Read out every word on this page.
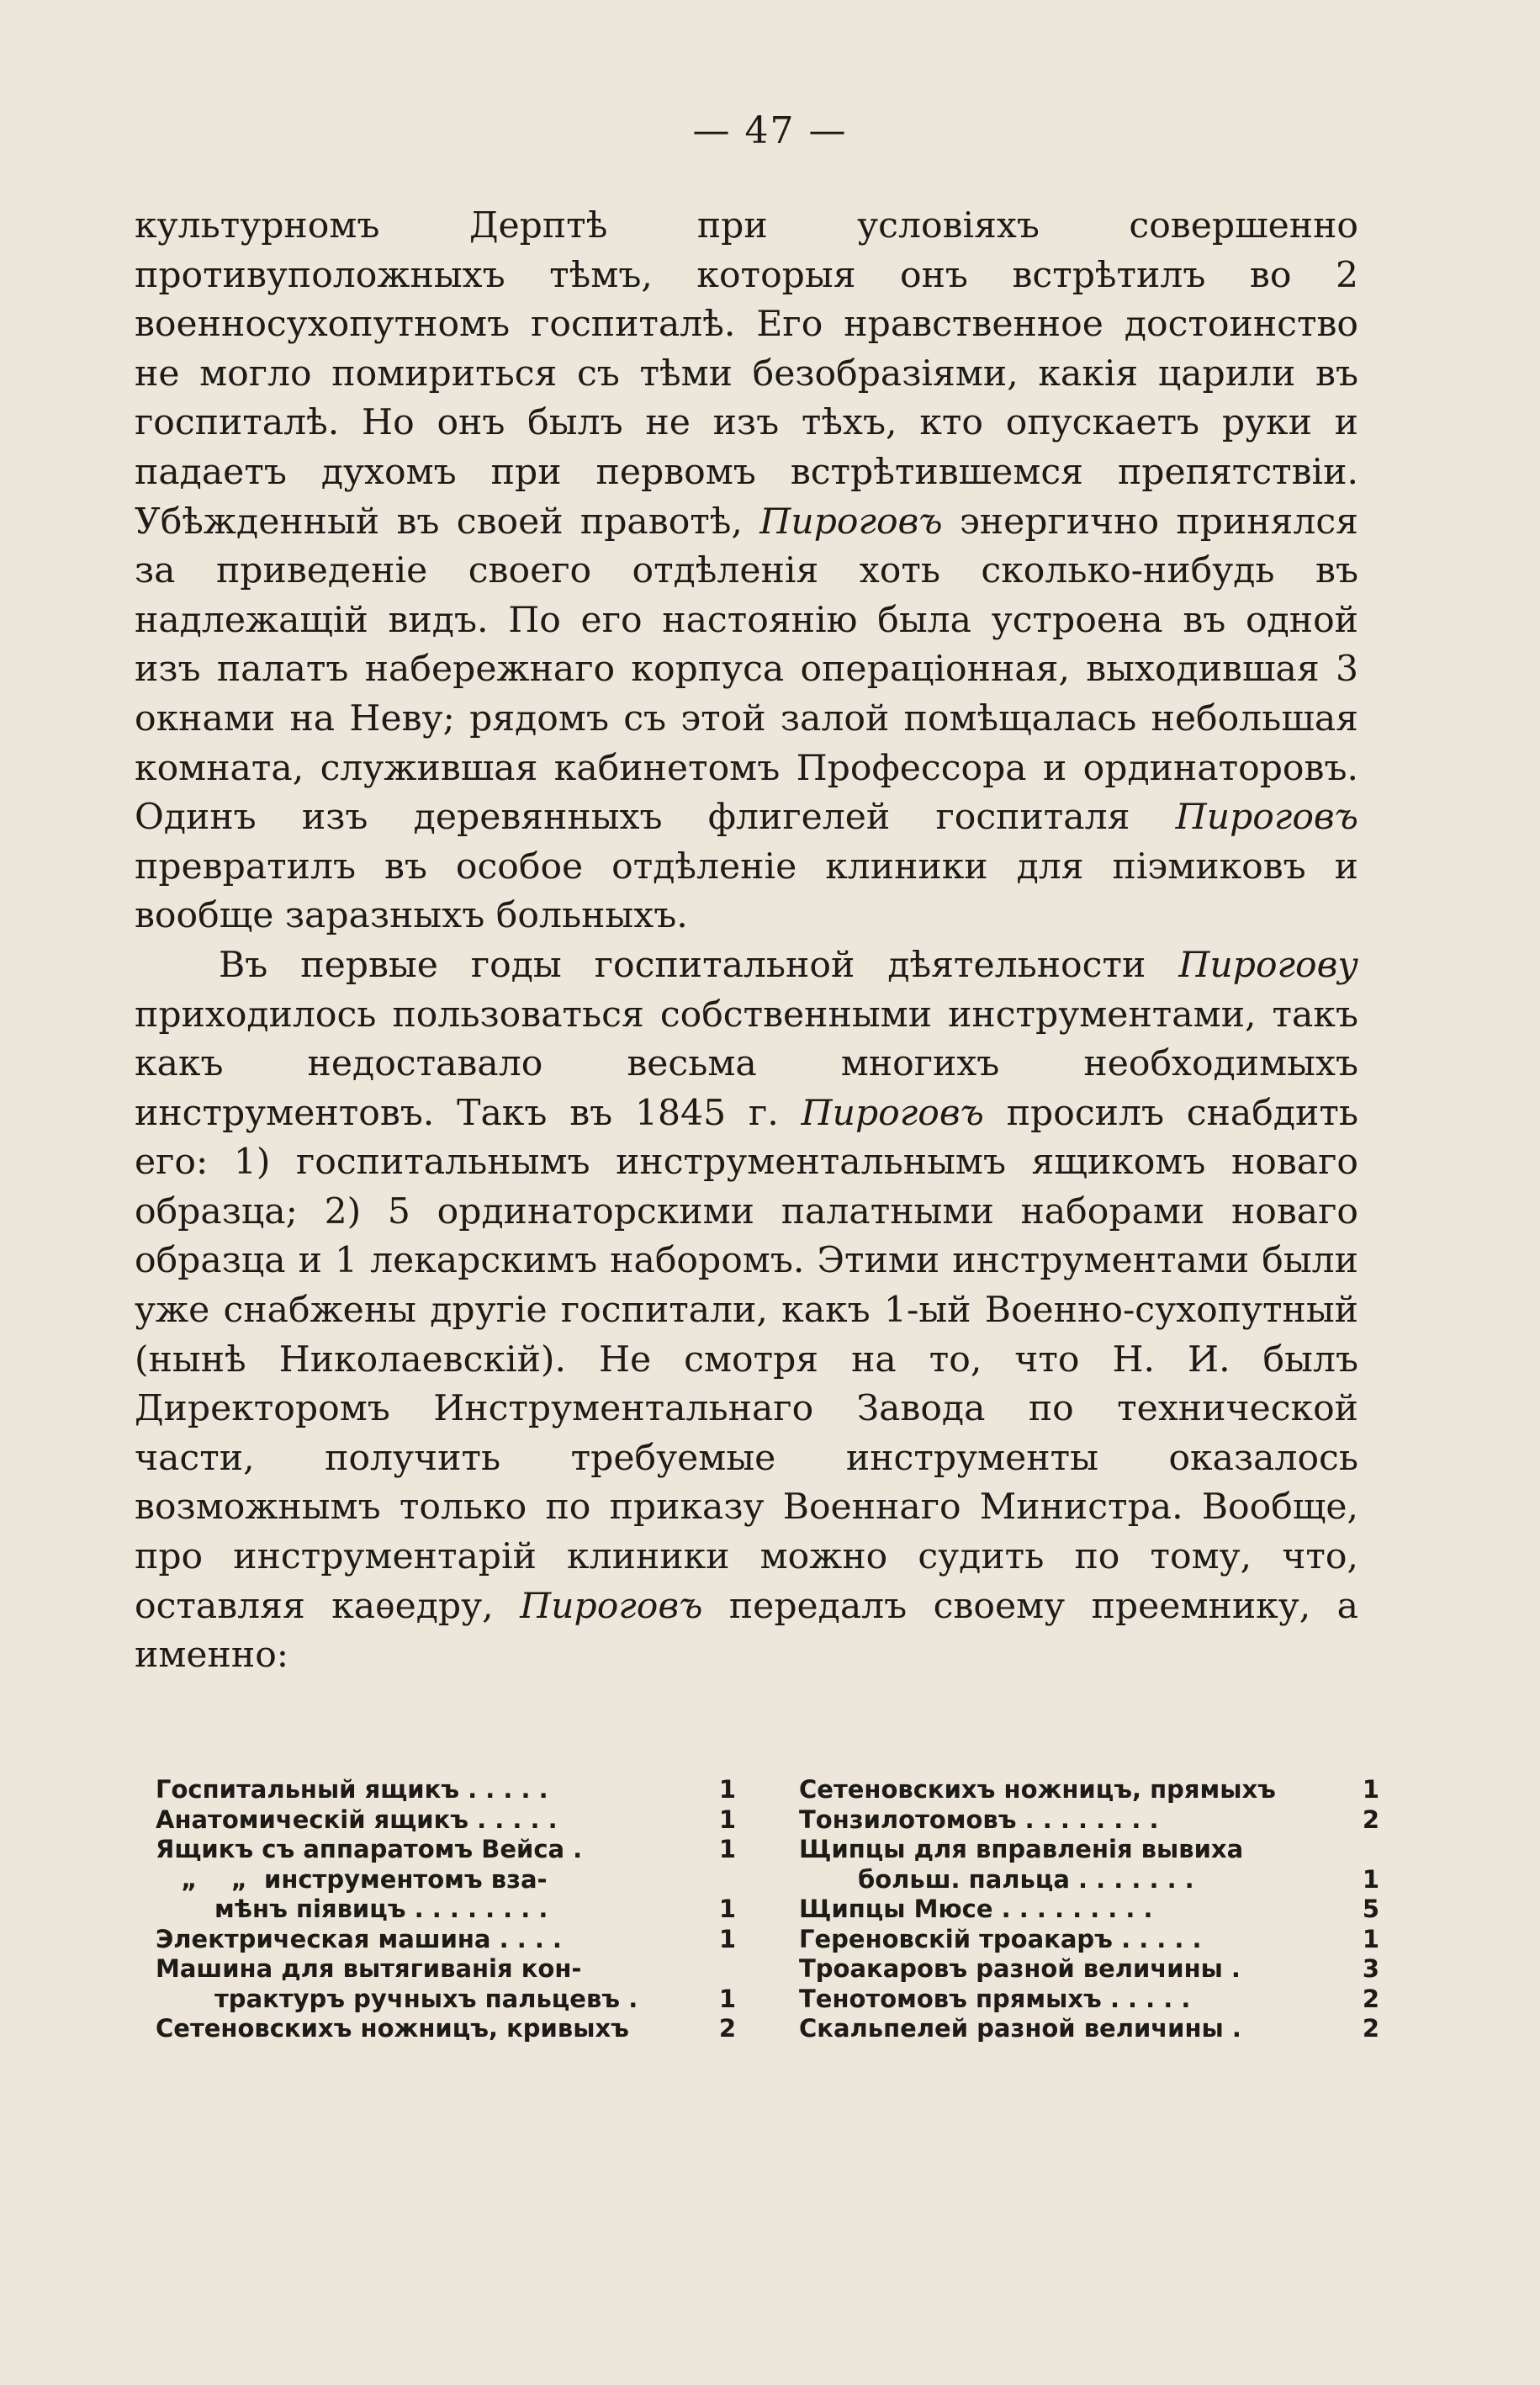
— 47 —

культурномъ Дерптѣ при условіяхъ совершенно противуположныхъ тѣмъ, которыя онъ встрѣтилъ во 2 военносухопутномъ госпиталѣ. Его нравственное достоинство не могло помириться съ тѣми безобразіями, какія царили въ госпиталѣ. Но онъ былъ не изъ тѣхъ, кто опускаетъ руки и падаетъ духомъ при первомъ встрѣтившемся препятствіи. Убѣжденный въ своей правотѣ, Пироговъ энергично принялся за приведеніе своего отдѣленія хоть сколько-нибудь въ надлежащій видъ. По его настоянію была устроена въ одной изъ палатъ набережнаго корпуса операціонная, выходившая 3 окнами на Неву; рядомъ съ этой залой помѣщалась небольшая комната, служившая кабинетомъ Профессора и ординаторовъ. Одинъ изъ деревянныхъ флигелей госпиталя Пироговъ превратилъ въ особое отдѣленіе клиники для піэмиковъ и вообще заразныхъ больныхъ.

Въ первые годы госпитальной дѣятельности Пирогову приходилось пользоваться собственными инструментами, такъ какъ недоставало весьма многихъ необходимыхъ инструментовъ. Такъ въ 1845 г. Пироговъ просилъ снабдить его: 1) госпитальнымъ инструментальнымъ ящикомъ новаго образца; 2) 5 ординаторскими палатными наборами новаго образца и 1 лекарскимъ наборомъ. Этими инструментами были уже снабжены другіе госпитали, какъ 1-ый Военно-сухопутный (нынѣ Николаевскій). Не смотря на то, что Н. И. былъ Директоромъ Инструментальнаго Завода по технической части, получить требуемые инструменты оказалось возможнымъ только по приказу Военнаго Министра. Вообще, про инструментарій клиники можно судить по тому, что, оставляя каѳедру, Пироговъ передалъ своему преемнику, а именно:

Госпитальный ящикъ . . . . .	1
Анатомическій ящикъ . . . . .	1
Ящикъ съ аппаратомъ Вейса .	1
„    „  инструментомъ вза-
мѣнъ піявицъ . . . . . . . .	1
Электрическая машина . . . .	1
Машина для вытягиванія кон-
трактуръ ручныхъ пальцевъ .	1
Сетеновскихъ ножницъ, кривыхъ	2
Сетеновскихъ ножницъ, прямыхъ	1
Тонзилотомовъ . . . . . . . .	2
Щипцы для вправленія вывиха
больш. пальца . . . . . . .	1
Щипцы Мюсе . . . . . . . . .	5
Гереновскій троакаръ . . . . .	1
Троакаровъ разной величины .	3
Тенотомовъ прямыхъ . . . . .	2
Скальпелей разной величины .	2
